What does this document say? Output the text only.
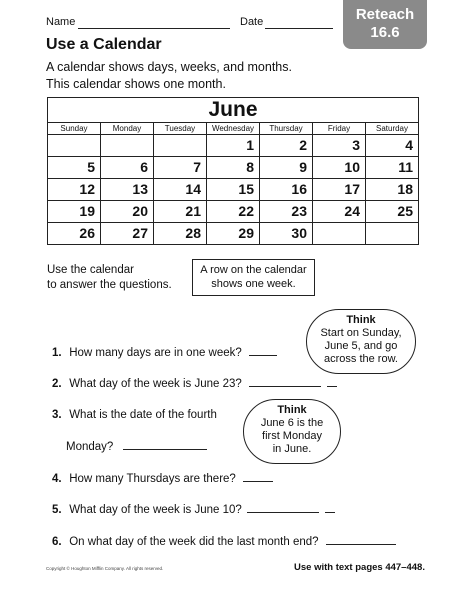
Name	Date	Reteach
16.6
Use a Calendar
A calendar shows days, weeks, and months.
This calendar shows one month.
June						
Sunday	Monday	Tuesday	Wednesday	Thursday	Friday	Saturday
			1	2	3	4
5	6	7	8	9	10	11
12	13	14	15	16	17	18
19	20	21	22	23	24	25
26	27	28	29	30		
Use the calendar
to answer the questions.
A row on the calendar
shows one week.
Think
Start on Sunday,
June 5, and go
across the row.
Think
June 6 is the
first Monday
in June.
1. How many days are in one week?
2. What day of the week is June 23?
3. What is the date of the fourth
Monday?
4. How many Thursdays are there?
5. What day of the week is June 10?
6. On what day of the week did the last month end?
Copyright © Houghton Mifflin Company. All rights reserved.	Use with text pages 447–448.
